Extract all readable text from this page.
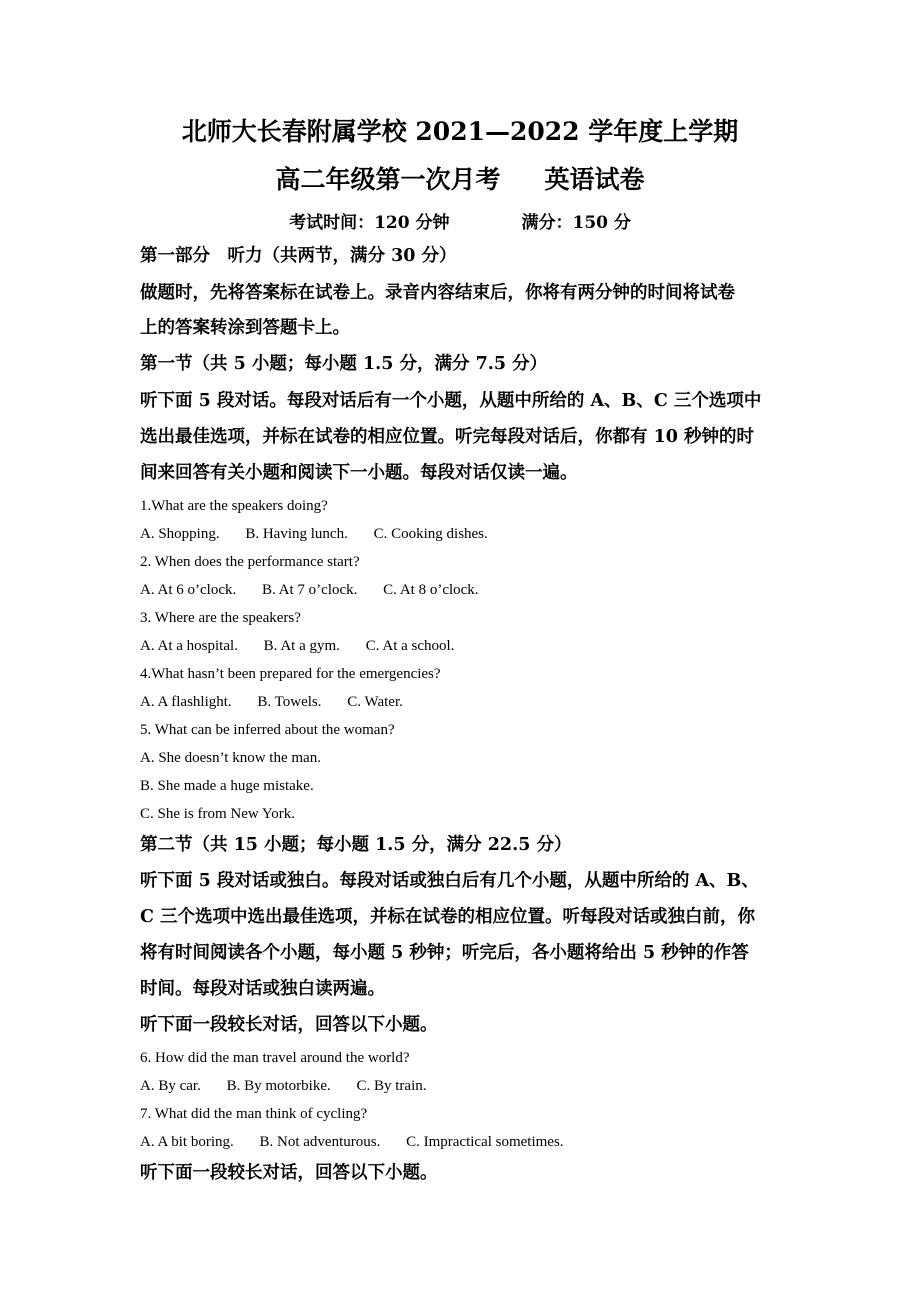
北师大长春附属学校 2021—2022 学年度上学期
高二年级第一次月考 英语试卷
考试时间：120 分钟	满分：150 分
第一部分　听力（共两节，满分 30 分）
做题时，先将答案标在试卷上。录音内容结束后，你将有两分钟的时间将试卷
上的答案转涂到答题卡上。
第一节（共 5 小题；每小题 1.5 分，满分 7.5 分）
听下面 5 段对话。每段对话后有一个小题，从题中所给的 A、B、C 三个选项中
选出最佳选项，并标在试卷的相应位置。听完每段对话后，你都有 10 秒钟的时
间来回答有关小题和阅读下一小题。每段对话仅读一遍。
1.What are the speakers doing?
A. Shopping. B. Having lunch. C. Cooking dishes.
2. When does the performance start?
A. At 6 o’clock. B. At 7 o’clock. C. At 8 o’clock.
3. Where are the speakers?
A. At a hospital. B. At a gym. C. At a school.
4.What hasn’t been prepared for the emergencies?
A. A flashlight. B. Towels. C. Water.
5. What can be inferred about the woman?
A. She doesn’t know the man.
B. She made a huge mistake.
C. She is from New York.
第二节（共 15 小题；每小题 1.5 分，满分 22.5 分）
听下面 5 段对话或独白。每段对话或独白后有几个小题，从题中所给的 A、B、
C 三个选项中选出最佳选项，并标在试卷的相应位置。听每段对话或独白前，你
将有时间阅读各个小题，每小题 5 秒钟；听完后，各小题将给出 5 秒钟的作答
时间。每段对话或独白读两遍。
听下面一段较长对话，回答以下小题。
6. How did the man travel around the world?
A. By car. B. By motorbike. C. By train.
7. What did the man think of cycling?
A. A bit boring. B. Not adventurous. C. Impractical sometimes.
听下面一段较长对话，回答以下小题。
